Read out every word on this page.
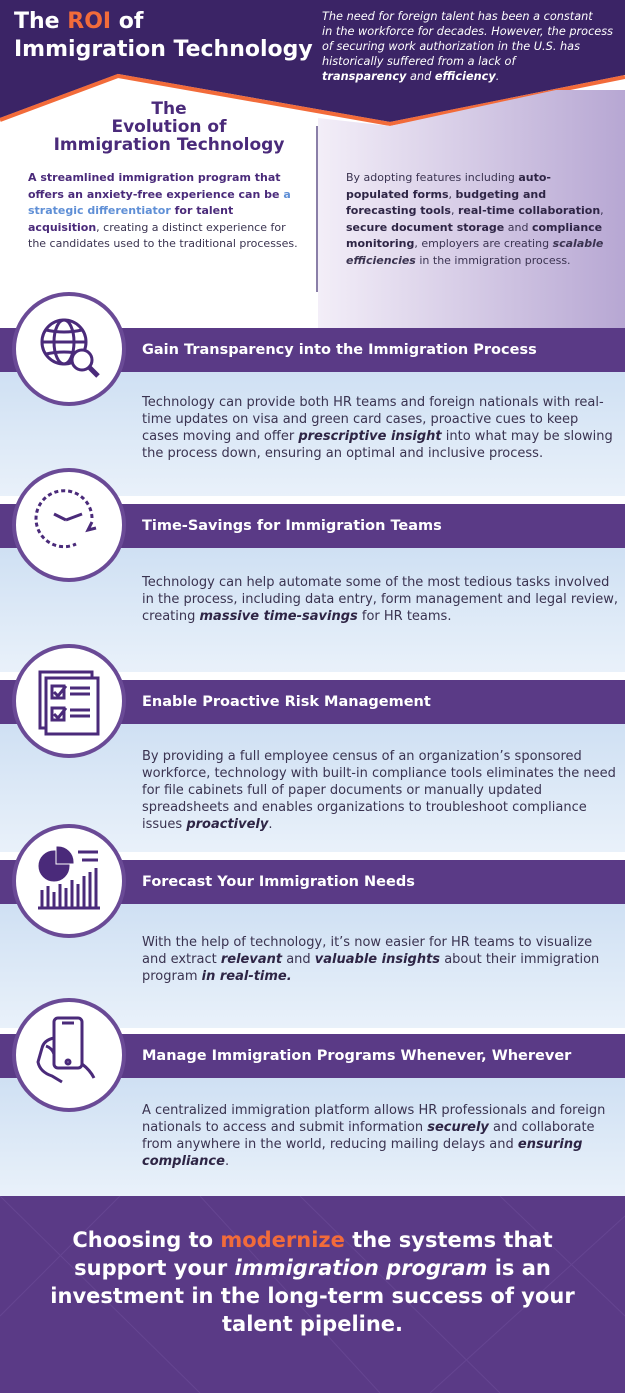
The ROI of
Immigration Technology
The need for foreign talent has been a constant
in the workforce for decades. However, the process
of securing work authorization in the U.S. has
historically suffered from a lack of
transparency and efficiency.
The
Evolution of
Immigration Technology
A streamlined immigration program that offers an anxiety-free experience can be a strategic differentiator for talent acquisition, creating a distinct experience for the candidates used to the traditional processes.
By adopting features including auto-populated forms, budgeting and forecasting tools, real-time collaboration, secure document storage and compliance monitoring, employers are creating scalable efficiencies in the immigration process.
Gain Transparency into the Immigration Process
Technology can provide both HR teams and foreign nationals with real-time updates on visa and green card cases, proactive cues to keep cases moving and offer prescriptive insight into what may be slowing the process down, ensuring an optimal and inclusive process.
Time-Savings for Immigration Teams
Technology can help automate some of the most tedious tasks involved in the process, including data entry, form management and legal review, creating massive time-savings for HR teams.
Enable Proactive Risk Management
By providing a full employee census of an organization’s sponsored workforce, technology with built-in compliance tools eliminates the need for file cabinets full of paper documents or manually updated spreadsheets and enables organizations to troubleshoot compliance issues proactively.
Forecast Your Immigration Needs
With the help of technology, it’s now easier for HR teams to visualize and extract relevant and valuable insights about their immigration program in real-time.
Manage Immigration Programs Whenever, Wherever
A centralized immigration platform allows HR professionals and foreign nationals to access and submit information securely and collaborate from anywhere in the world, reducing mailing delays and ensuring compliance.
Choosing to modernize the systems that support your immigration program is an investment in the long-term success of your talent pipeline.
